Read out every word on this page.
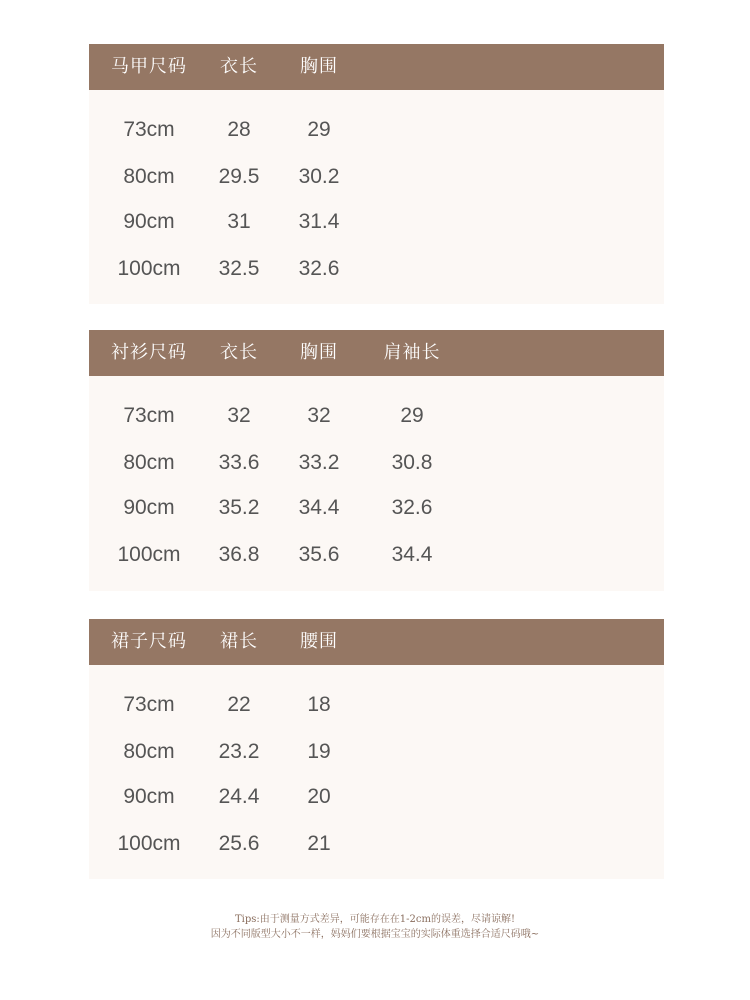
马甲尺码 衣长 胸围
73cm	28	29
80cm 29.5 30.2
90cm	31 31.4
100cm 32.5 32.6
衬衫尺码 衣长 胸围	肩袖长
73cm	32	32	29
80cm 33.6 33.2 30.8
90cm 35.2 34.4 32.6
100cm 36.8 35.6 34.4
裙子尺码 裙长 腰围
73cm	22	18
80cm 23.2 19
90cm 24.4 20
100cm 25.6 21
Tips:由于测量方式差异，可能存在在1-2cm的误差，尽请谅解!
因为不同版型大小不一样，妈妈们要根据宝宝的实际体重选择合适尺码哦~
